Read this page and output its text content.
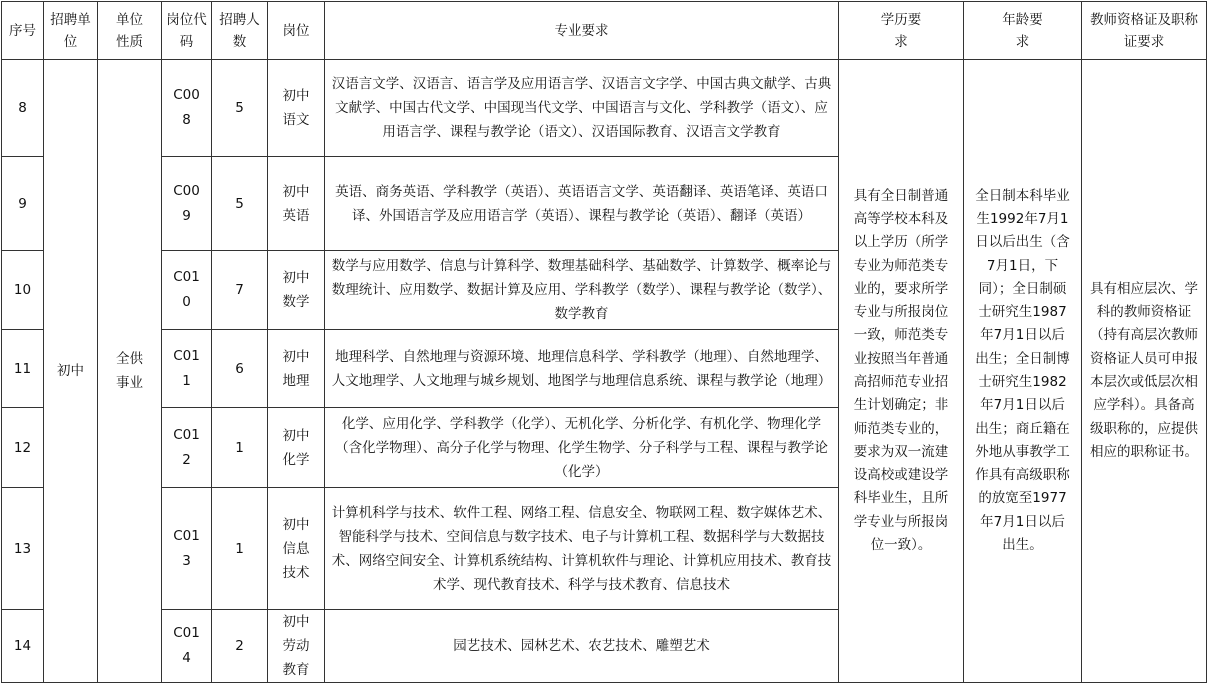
序号	招聘单位	单位性质	岗位代码	招聘人数	岗位	专业要求	学历要求	年龄要求	教师资格证及职称证要求
8	初中	全供事业	C008	5	初中语文	汉语言文学、汉语言、语言学及应用语言学、汉语言文字学、中国古典文献学、古典文献学、中国古代文学、中国现当代文学、中国语言与文化、学科教学（语文）、应用语言学、课程与教学论（语文）、汉语国际教育、汉语言文学教育	具有全日制普通高等学校本科及以上学历（所学专业为师范类专业的，要求所学专业与所报岗位一致，师范类专业按照当年普通高招师范专业招生计划确定；非师范类专业的，要求为双一流建设高校或建设学科毕业生，且所学专业与所报岗位一致）。	全日制本科毕业生1992年7月1日以后出生（含7月1日，下同）；全日制硕士研究生1987年7月1日以后出生；全日制博士研究生1982年7月1日以后出生；商丘籍在外地从事教学工作具有高级职称的放宽至1977年7月1日以后出生。	具有相应层次、学科的教师资格证（持有高层次教师资格证人员可申报本层次或低层次相应学科）。具备高级职称的，应提供相应的职称证书。
9			C009	5	初中英语	英语、商务英语、学科教学（英语）、英语语言文学、英语翻译、英语笔译、英语口译、外国语言学及应用语言学（英语）、课程与教学论（英语）、翻译（英语）			
10			C010	7	初中数学	数学与应用数学、信息与计算科学、数理基础科学、基础数学、计算数学、概率论与数理统计、应用数学、数据计算及应用、学科教学（数学）、课程与教学论（数学）、数学教育			
11			C011	6	初中地理	地理科学、自然地理与资源环境、地理信息科学、学科教学（地理）、自然地理学、人文地理学、人文地理与城乡规划、地图学与地理信息系统、课程与教学论（地理）			
12			C012	1	初中化学	化学、应用化学、学科教学（化学）、无机化学、分析化学、有机化学、物理化学（含化学物理）、高分子化学与物理、化学生物学、分子科学与工程、课程与教学论（化学）			
13			C013	1	初中信息技术	计算机科学与技术、软件工程、网络工程、信息安全、物联网工程、数字媒体艺术、智能科学与技术、空间信息与数字技术、电子与计算机工程、数据科学与大数据技术、网络空间安全、计算机系统结构、计算机软件与理论、计算机应用技术、教育技术学、现代教育技术、科学与技术教育、信息技术			
14			C014	2	初中劳动教育	园艺技术、园林艺术、农艺技术、雕塑艺术			
